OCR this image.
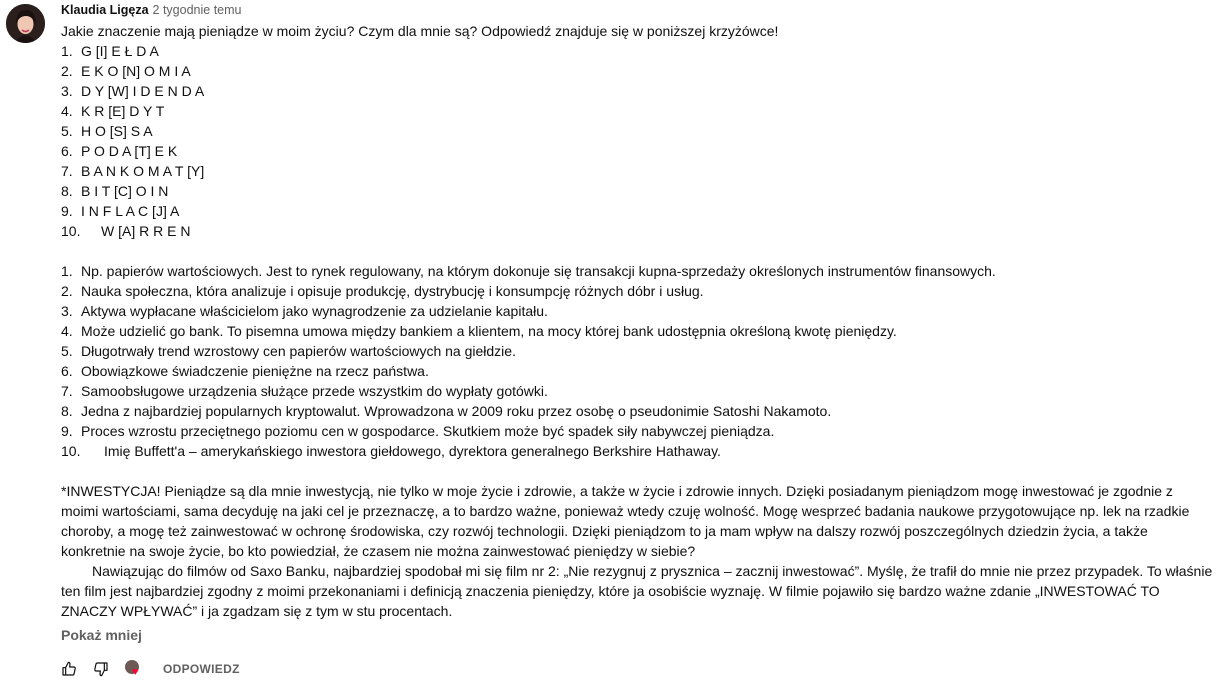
Klaudia Ligęza 2 tygodnie temu
Jakie znaczenie mają pieniądze w moim życiu? Czym dla mnie są? Odpowiedź znajduje się w poniższej krzyżówce!
1. G [I] E Ł D A
2. E K O [N] O M I A
3. D Y [W] I D E N D A
4. K R [E] D Y T
5. H O [S] S A
6. P O D A [T] E K
7. B A N K O M A T [Y]
8. B I T [C] O I N
9. I N F L A C [J] A
10. W [A] R R E N
1. Np. papierów wartościowych. Jest to rynek regulowany, na którym dokonuje się transakcji kupna-sprzedaży określonych instrumentów finansowych.
2. Nauka społeczna, która analizuje i opisuje produkcję, dystrybucję i konsumpcję różnych dóbr i usług.
3. Aktywa wypłacane właścicielom jako wynagrodzenie za udzielanie kapitału.
4. Może udzielić go bank. To pisemna umowa między bankiem a klientem, na mocy której bank udostępnia określoną kwotę pieniędzy.
5. Długotrwały trend wzrostowy cen papierów wartościowych na giełdzie.
6. Obowiązkowe świadczenie pieniężne na rzecz państwa.
7. Samoobsługowe urządzenia służące przede wszystkim do wypłaty gotówki.
8. Jedna z najbardziej popularnych kryptowalut. Wprowadzona w 2009 roku przez osobę o pseudonimie Satoshi Nakamoto.
9. Proces wzrostu przeciętnego poziomu cen w gospodarce. Skutkiem może być spadek siły nabywczej pieniądza.
10. Imię Buffett'a – amerykańskiego inwestora giełdowego, dyrektora generalnego Berkshire Hathaway.
*INWESTYCJA! Pieniądze są dla mnie inwestycją, nie tylko w moje życie i zdrowie, a także w życie i zdrowie innych. Dzięki posiadanym pieniądzom mogę inwestować je zgodnie z moimi wartościami, sama decyduję na jaki cel je przeznaczę, a to bardzo ważne, ponieważ wtedy czuję wolność. Mogę wesprzeć badania naukowe przygotowujące np. lek na rzadkie choroby, a mogę też zainwestować w ochronę środowiska, czy rozwój technologii. Dzięki pieniądzom to ja mam wpływ na dalszy rozwój poszczególnych dziedzin życia, a także konkretnie na swoje życie, bo kto powiedział, że czasem nie można zainwestować pieniędzy w siebie?
Nawiązując do filmów od Saxo Banku, najbardziej spodobał mi się film nr 2: „Nie rezygnuj z prysznica – zacznij inwestować”. Myślę, że trafił do mnie nie przez przypadek. To właśnie ten film jest najbardziej zgodny z moimi przekonaniami i definicją znaczenia pieniędzy, które ja osobiście wyznaję. W filmie pojawiło się bardzo ważne zdanie „INWESTOWAĆ TO ZNACZY WPŁYWAĆ” i ja zgadzam się z tym w stu procentach.
Pokaż mniej
♥ ODPOWIEDZ
